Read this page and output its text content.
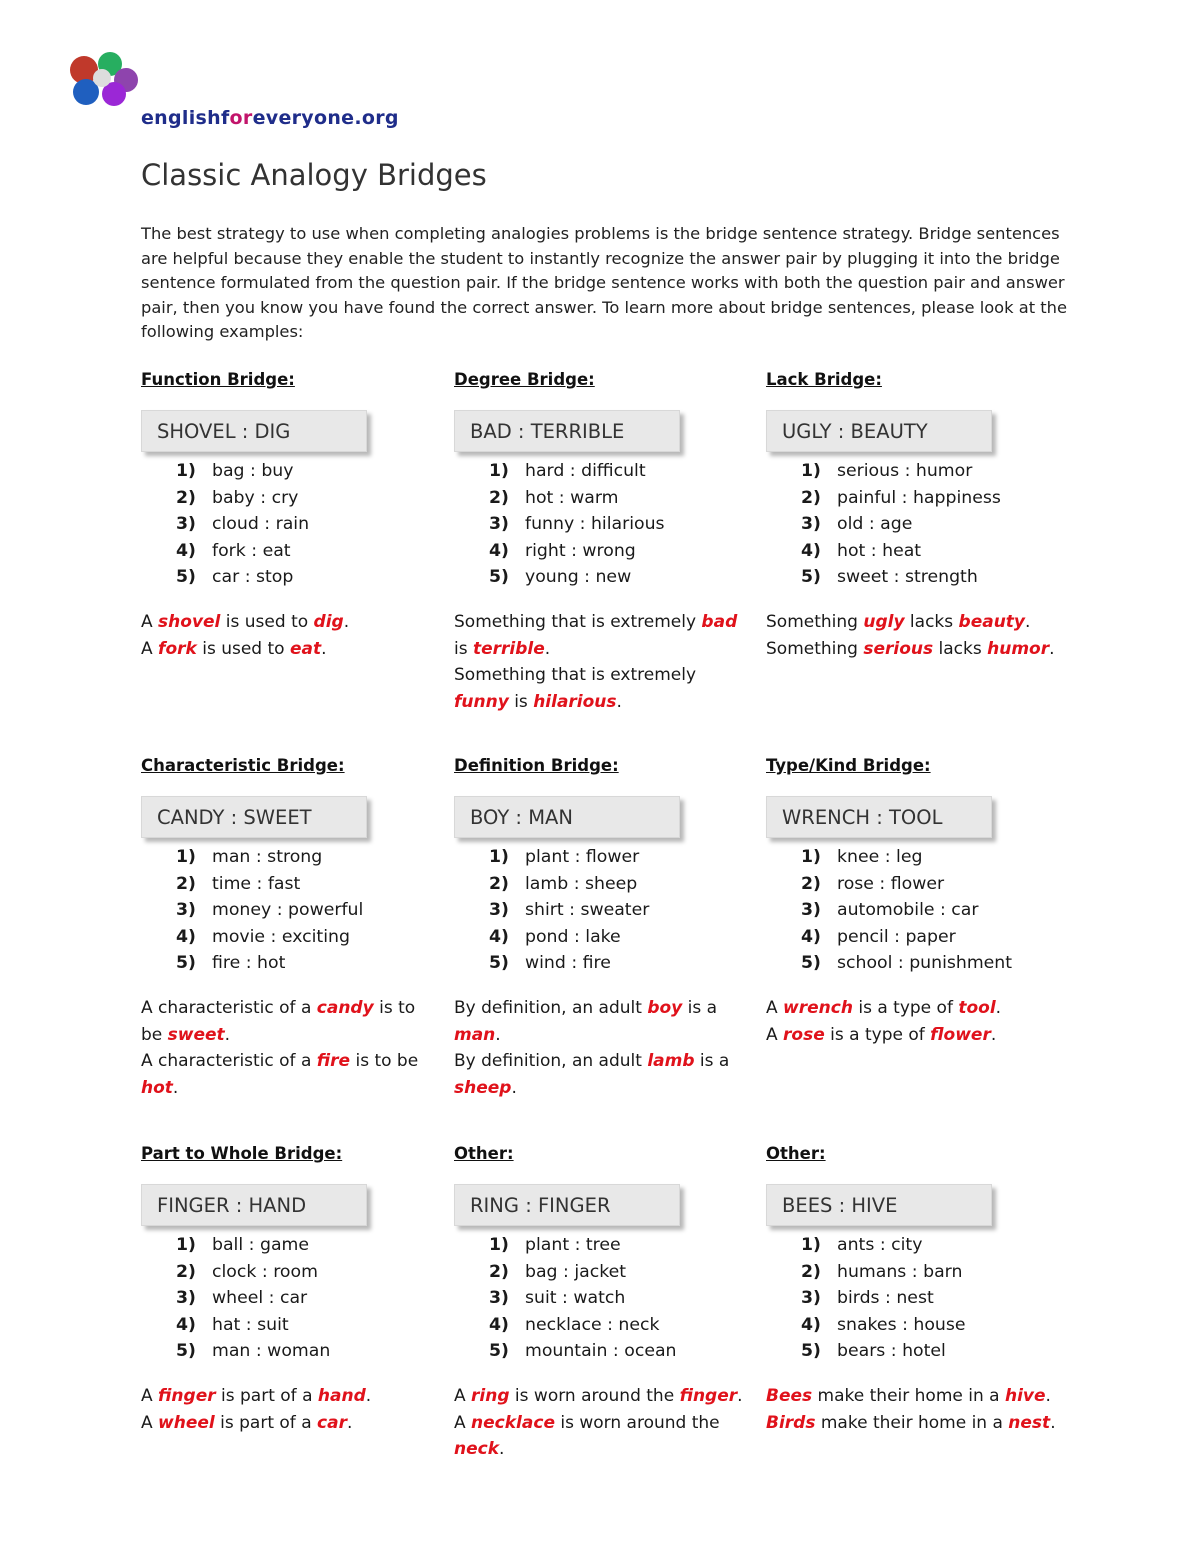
englishforeveryone.org
Classic Analogy Bridges
The best strategy to use when completing analogies problems is the bridge sentence strategy. Bridge sentences are helpful because they enable the student to instantly recognize the answer pair by plugging it into the bridge sentence formulated from the question pair. If the bridge sentence works with both the question pair and answer pair, then you know you have found the correct answer. To learn more about bridge sentences, please look at the following examples:
Function Bridge:
SHOVEL : DIG
1) bag : buy
2) baby : cry
3) cloud : rain
4) fork : eat
5) car : stop
A shovel is used to dig.
A fork is used to eat.
Degree Bridge:
BAD : TERRIBLE
1) hard : difficult
2) hot : warm
3) funny : hilarious
4) right : wrong
5) young : new
Something that is extremely bad is terrible.
Something that is extremely funny is hilarious.
Lack Bridge:
UGLY : BEAUTY
1) serious : humor
2) painful : happiness
3) old : age
4) hot : heat
5) sweet : strength
Something ugly lacks beauty.
Something serious lacks humor.
Characteristic Bridge:
CANDY : SWEET
1) man : strong
2) time : fast
3) money : powerful
4) movie : exciting
5) fire : hot
A characteristic of a candy is to be sweet.
A characteristic of a fire is to be hot.
Definition Bridge:
BOY : MAN
1) plant : flower
2) lamb : sheep
3) shirt : sweater
4) pond : lake
5) wind : fire
By definition, an adult boy is a man.
By definition, an adult lamb is a sheep.
Type/Kind Bridge:
WRENCH : TOOL
1) knee : leg
2) rose : flower
3) automobile : car
4) pencil : paper
5) school : punishment
A wrench is a type of tool.
A rose is a type of flower.
Part to Whole Bridge:
FINGER : HAND
1) ball : game
2) clock : room
3) wheel : car
4) hat : suit
5) man : woman
A finger is part of a hand.
A wheel is part of a car.
Other:
RING : FINGER
1) plant : tree
2) bag : jacket
3) suit : watch
4) necklace : neck
5) mountain : ocean
A ring is worn around the finger.
A necklace is worn around the neck.
Other:
BEES : HIVE
1) ants : city
2) humans : barn
3) birds : nest
4) snakes : house
5) bears : hotel
Bees make their home in a hive.
Birds make their home in a nest.
